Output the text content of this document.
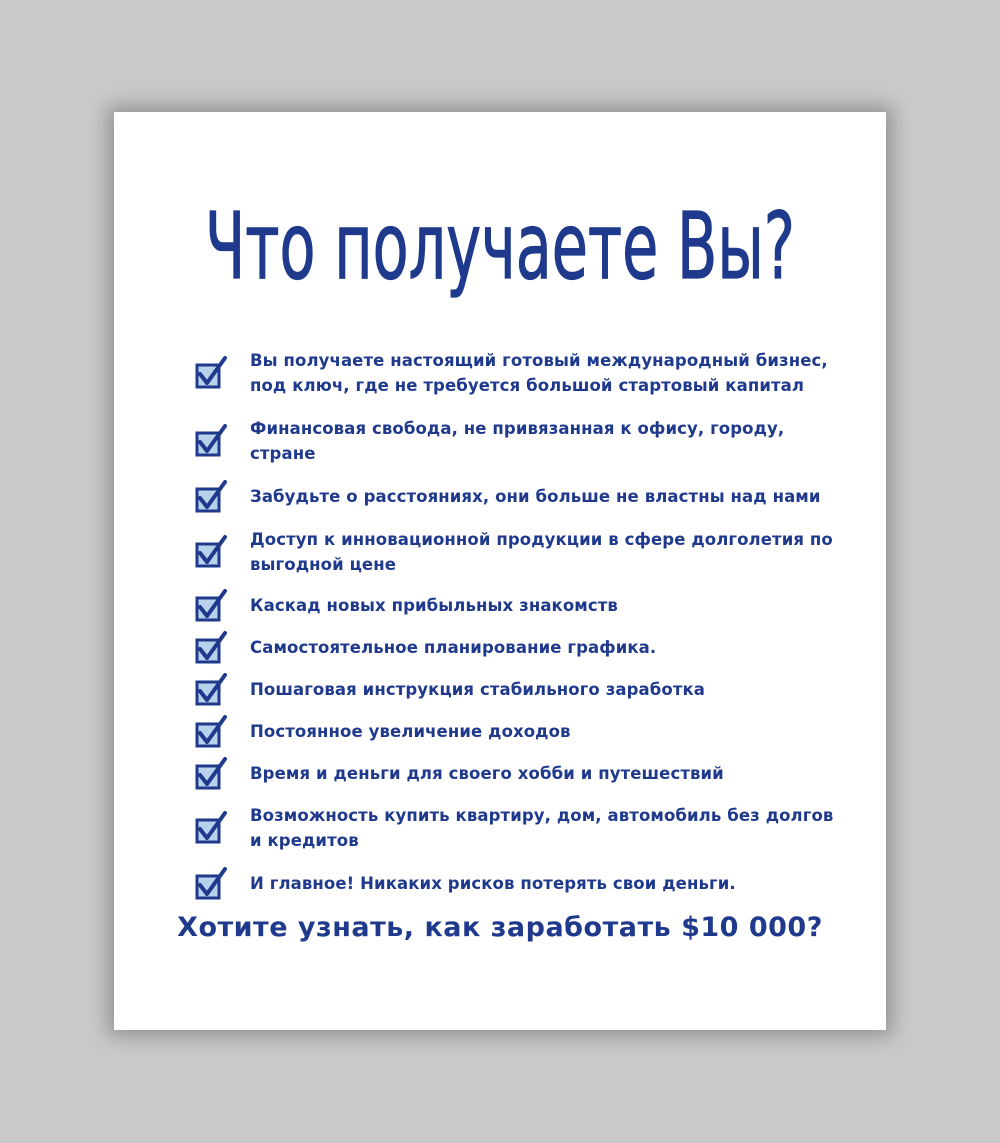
Что получаете Вы?
Вы получаете настоящий готовый международный бизнес, под ключ, где не требуется большой стартовый капитал
Финансовая свобода, не привязанная к офису, городу, стране
Забудьте о расстояниях, они больше не властны над нами
Доступ к инновационной продукции в сфере долголетия по выгодной цене
Каскад новых прибыльных знакомств
Самостоятельное планирование графика.
Пошаговая инструкция стабильного заработка
Постоянное увеличение доходов
Время и деньги для своего хобби и путешествий
Возможность купить квартиру, дом, автомобиль без долгов и кредитов
И главное! Никаких рисков потерять свои деньги.
Хотите узнать, как заработать $10 000?
